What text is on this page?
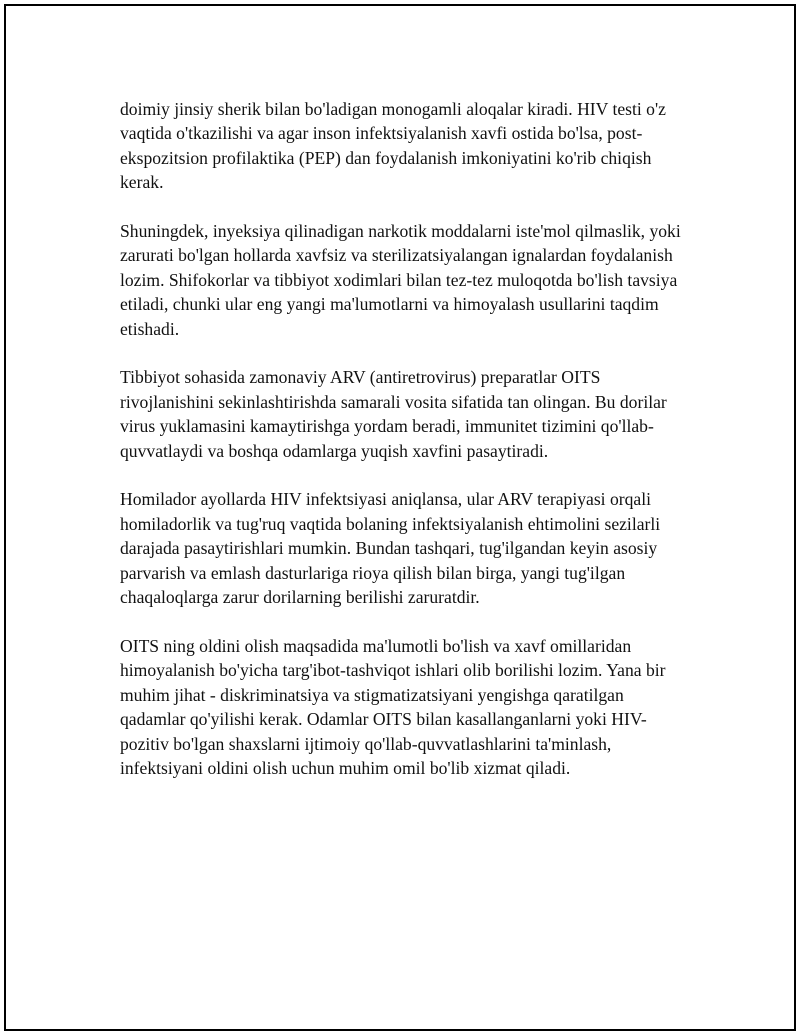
doimiy jinsiy sherik bilan bo'ladigan monogamli aloqalar kiradi. HIV testi o'z vaqtida o'tkazilishi va agar inson infektsiyalanish xavfi ostida bo'lsa, post-ekspozitsion profilaktika (PEP) dan foydalanish imkoniyatini ko'rib chiqish kerak.

Shuningdek, inyeksiya qilinadigan narkotik moddalarni iste'mol qilmaslik, yoki zarurati bo'lgan hollarda xavfsiz va sterilizatsiyalangan ignalardan foydalanish lozim. Shifokorlar va tibbiyot xodimlari bilan tez-tez muloqotda bo'lish tavsiya etiladi, chunki ular eng yangi ma'lumotlarni va himoyalash usullarini taqdim etishadi.

Tibbiyot sohasida zamonaviy ARV (antiretrovirus) preparatlar OITS rivojlanishini sekinlashtirishda samarali vosita sifatida tan olingan. Bu dorilar virus yuklamasini kamaytirishga yordam beradi, immunitet tizimini qo'llab-quvvatlaydi va boshqa odamlarga yuqish xavfini pasaytiradi.

Homilador ayollarda HIV infektsiyasi aniqlansa, ular ARV terapiyasi orqali homiladorlik va tug'ruq vaqtida bolaning infektsiyalanish ehtimolini sezilarli darajada pasaytirishlari mumkin. Bundan tashqari, tug'ilgandan keyin asosiy parvarish va emlash dasturlariga rioya qilish bilan birga, yangi tug'ilgan chaqaloqlarga zarur dorilarning berilishi zaruratdir.

OITS ning oldini olish maqsadida ma'lumotli bo'lish va xavf omillaridan himoyalanish bo'yicha targ'ibot-tashviqot ishlari olib borilishi lozim. Yana bir muhim jihat - diskriminatsiya va stigmatizatsiyani yengishga qaratilgan qadamlar qo'yilishi kerak. Odamlar OITS bilan kasallanganlarni yoki HIV-pozitiv bo'lgan shaxslarni ijtimoiy qo'llab-quvvatlashlarini ta'minlash, infektsiyani oldini olish uchun muhim omil bo'lib xizmat qiladi.
